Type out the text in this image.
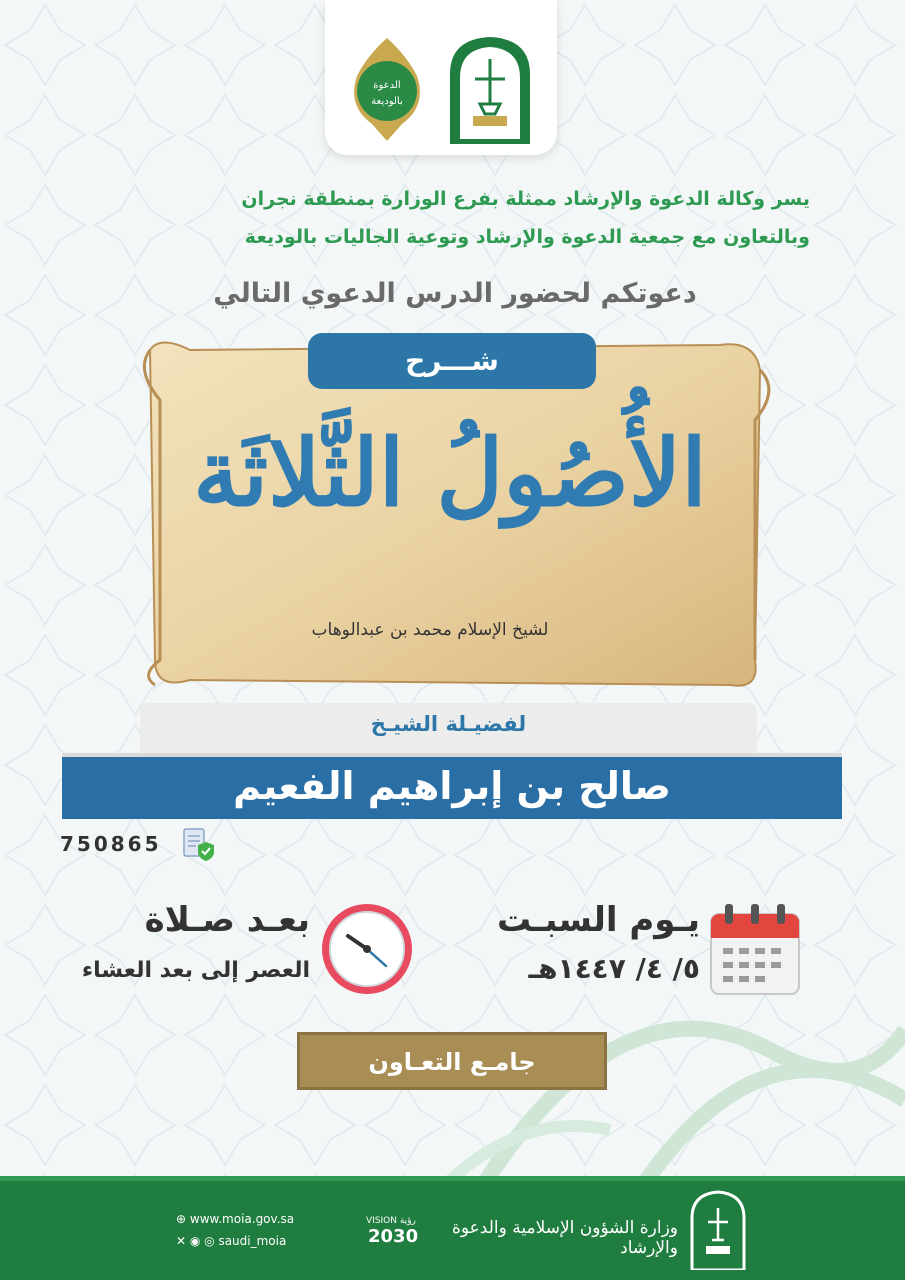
الدعوة
بالوديعة
يسر وكالة الدعوة والإرشاد ممثلة بفرع الوزارة بمنطقة نجران
وبالتعاون مع جمعية الدعوة والإرشاد وتوعية الجاليات بالوديعة
دعوتكم لحضور الدرس الدعوي التالي
شـــرح
الأُصُولُ الثَّلاثَة
لشيخ الإسلام محمد بن عبدالوهاب
لفضيـلة الشيـخ
صالح بن إبراهيم الفعيم
750865
يـوم السبـت
٥/ ٤/ ١٤٤٧هـ
بعـد صـلاة
العصر إلى بعد العشاء
جامـع التعـاون
⊕ www.moia.gov.sa
✕ ◉ ◎ saudi_moia
VISION رؤية
2030	وزارة الشؤون الإسلامية والدعوة والإرشاد
